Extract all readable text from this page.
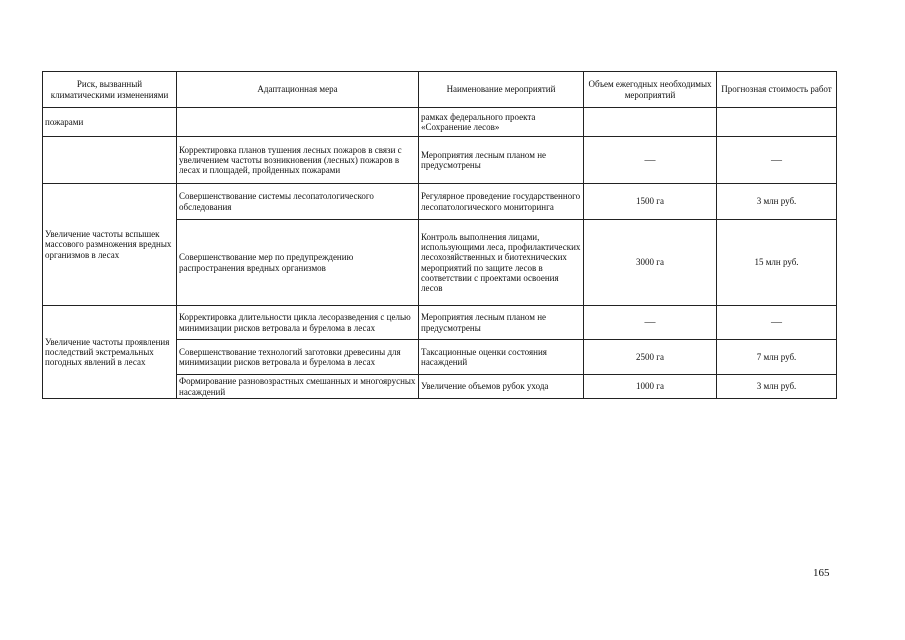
Риск, вызванный климатическими изменениями	Адаптационная мера	Наименование мероприятий	Объем ежегодных необходимых мероприятий	Прогнозная стоимость работ
пожарами		рамках федерального проекта «Сохранение лесов»		
	Корректировка планов тушения лесных пожаров в связи с увеличением частоты возникновения (лесных) пожаров в лесах и площадей, пройденных пожарами	Мероприятия лесным планом не предусмотрены	—	—
Увеличение частоты вспышек массового размножения вредных организмов в лесах	Совершенствование системы лесопатологического обследования	Регулярное проведение государственного лесопатологического мониторинга	1500 га	3 млн руб.
	Совершенствование мер по предупреждению распространения вредных организмов	Контроль выполнения лицами, использующими леса, профилактических лесохозяйственных и биотехнических мероприятий по защите лесов в соответствии с проектами освоения лесов	3000 га	15 млн руб.
Увеличение частоты проявления последствий экстремальных погодных явлений в лесах	Корректировка длительности цикла лесоразведения с целью минимизации рисков ветровала и бурелома в лесах	Мероприятия лесным планом не предусмотрены	—	—
	Совершенствование технологий заготовки древесины для минимизации рисков ветровала и бурелома в лесах	Таксационные оценки состояния насаждений	2500 га	7 млн руб.
	Формирование разновозрастных смешанных и многоярусных насаждений	Увеличение объемов рубок ухода	1000 га	3 млн руб.
165
